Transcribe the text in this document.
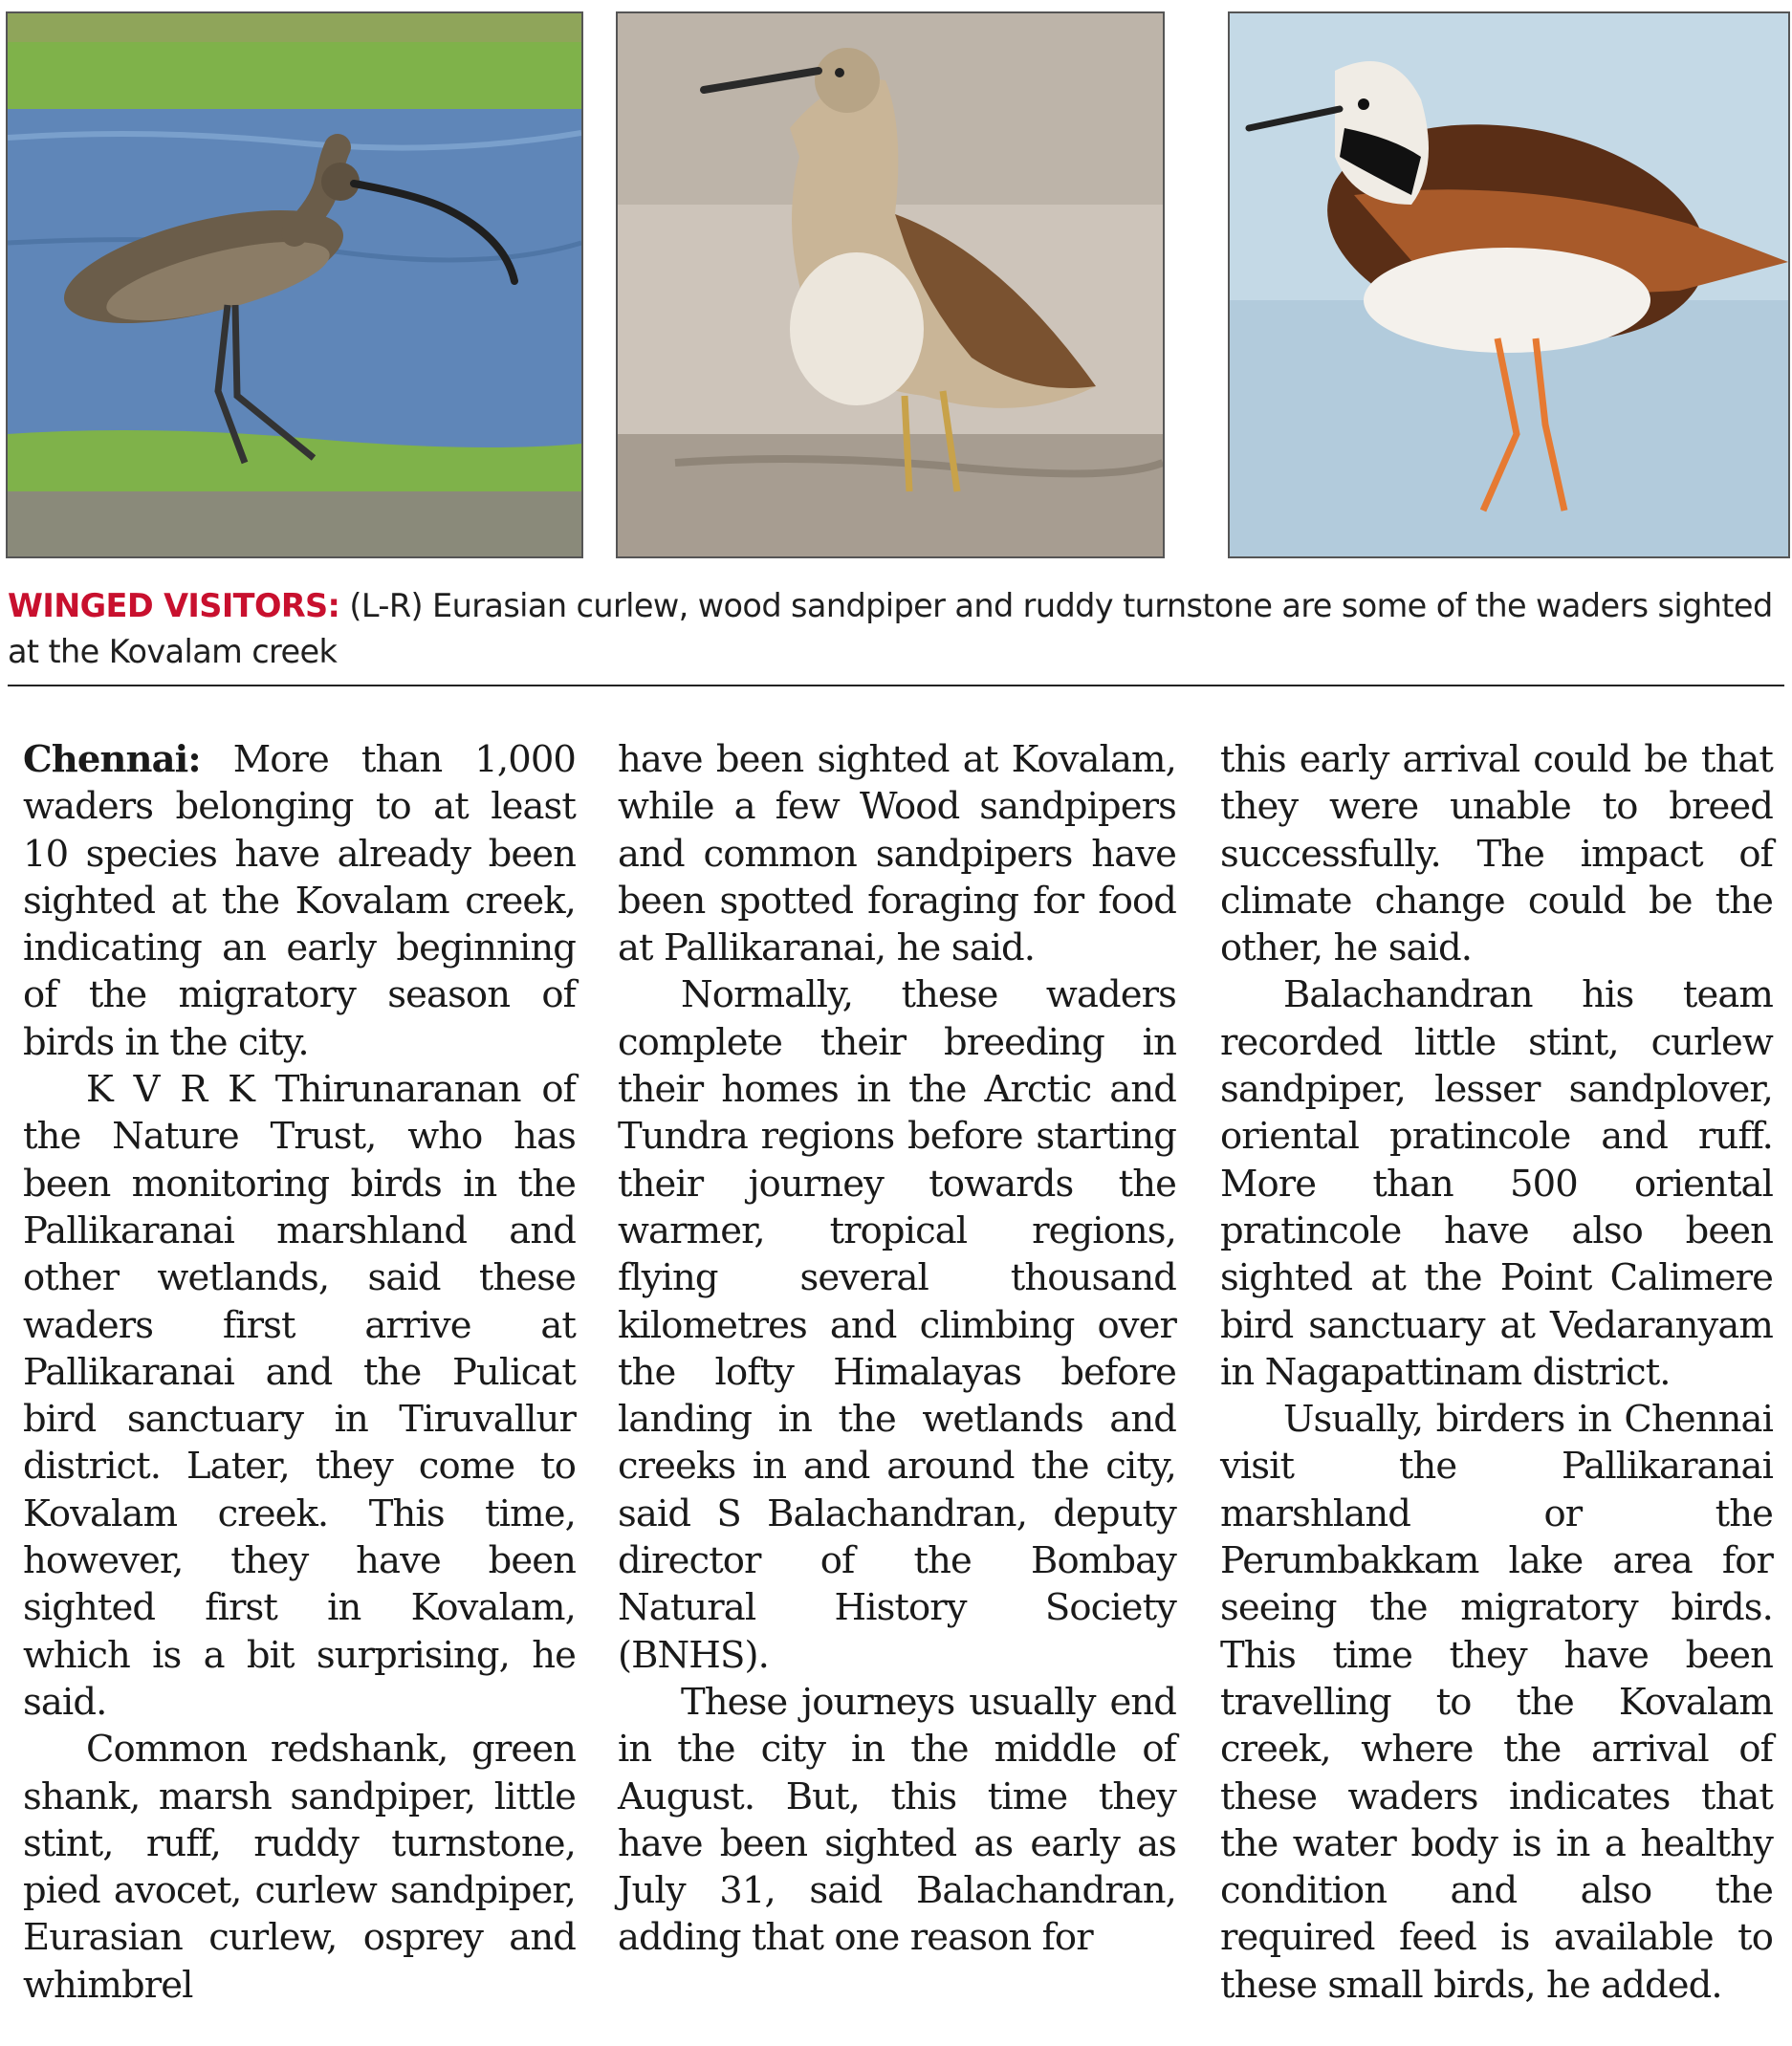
WINGED VISITORS: (L-R) Eurasian curlew, wood sandpiper and ruddy turnstone are some of the waders sighted at the Kovalam creek

Chennai: More than 1,000 waders belonging to at least 10 species have already been sighted at the Kovalam creek, indicating an early beginning of the migratory season of birds in the city.

K V R K Thirunaranan of the Nature Trust, who has been monitoring birds in the Pallikaranai marshland and other wetlands, said these waders first arrive at Pallikaranai and the Pulicat bird sanctuary in Tiruvallur district. Later, they come to Kovalam creek. This time, however, they have been sighted first in Kovalam, which is a bit surprising, he said.

Common redshank, green shank, marsh sandpiper, little stint, ruff, ruddy turnstone, pied avocet, curlew sandpiper, Eurasian curlew, osprey and whimbrel

have been sighted at Kovalam, while a few Wood sandpipers and common sandpipers have been spotted foraging for food at Pallikaranai, he said.

Normally, these waders complete their breeding in their homes in the Arctic and Tundra regions before starting their journey towards the warmer, tropical regions, flying several thousand kilometres and climbing over the lofty Himalayas before landing in the wetlands and creeks in and around the city, said S Balachandran, deputy director of the Bombay Natural History Society (BNHS).

These journeys usually end in the city in the middle of August. But, this time they have been sighted as early as July 31, said Balachandran, adding that one reason for

this early arrival could be that they were unable to breed successfully. The impact of climate change could be the other, he said.

Balachandran his team recorded little stint, curlew sandpiper, lesser sandplover, oriental pratincole and ruff. More than 500 oriental pratincole have also been sighted at the Point Calimere bird sanctuary at Vedaranyam in Nagapattinam district.

Usually, birders in Chennai visit the Pallikaranai marshland or the Perumbakkam lake area for seeing the migratory birds. This time they have been travelling to the Kovalam creek, where the arrival of these waders indicates that the water body is in a healthy condition and also the required feed is available to these small birds, he added.
